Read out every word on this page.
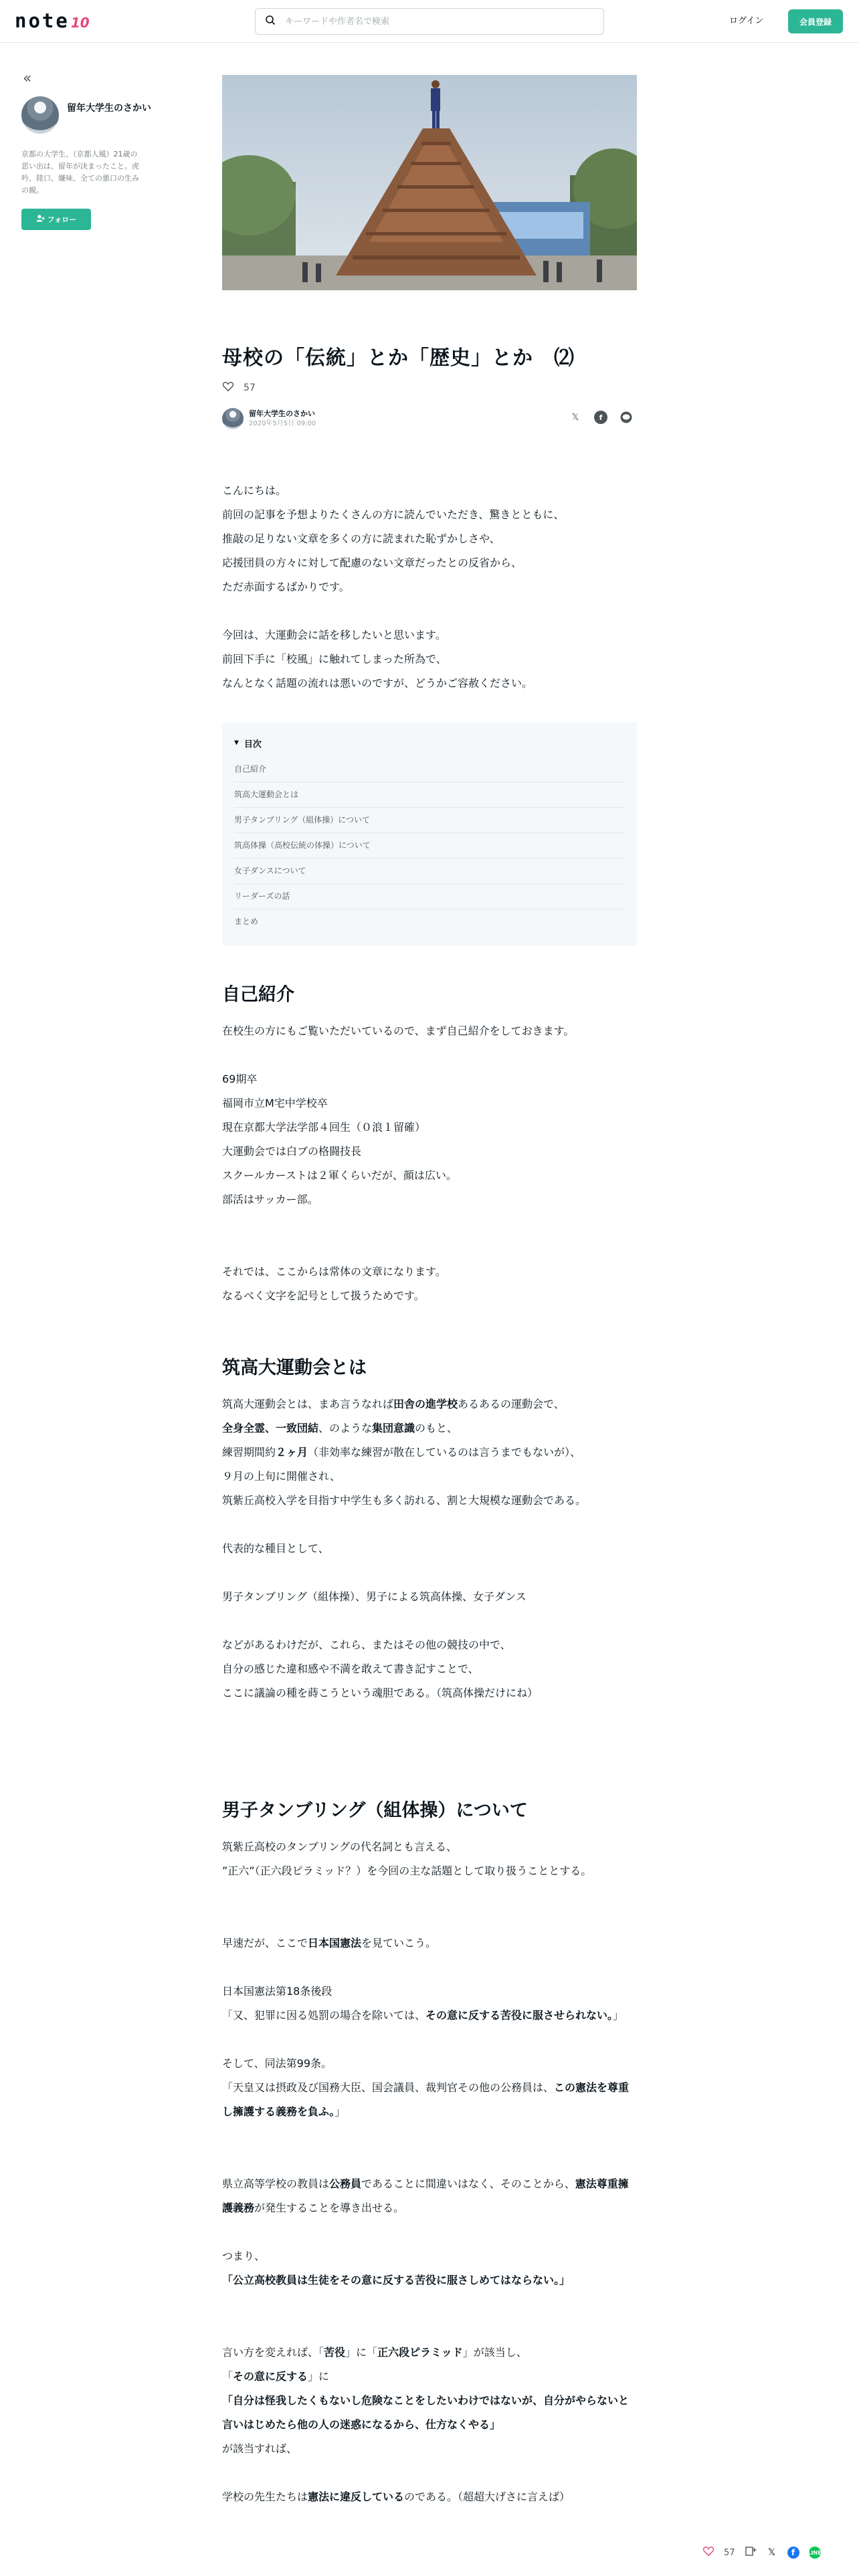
note 10
キーワードや作者名で検索	ログイン	会員登録
«
留年大学生のさかい
京都の大学生。（京都人風）21歳の思い出は、留年が決まったこと。虎吟、陸口、嫌味、全ての悪口の生みの親。
フォロー
母校の「伝統」とか「歴史」とか　⑵
57
留年大学生のさかい
2020年5月5日 09:00
𝕏	f

こんにちは。

前回の記事を予想よりたくさんの方に読んでいただき、驚きとともに、

推敲の足りない文章を多くの方に読まれた恥ずかしさや、

応援団員の方々に対して配慮のない文章だったとの反省から、

ただ赤面するばかりです。

今回は、大運動会に話を移したいと思います。

前回下手に「校風」に触れてしまった所為で、

なんとなく話題の流れは悪いのですが、どうかご容赦ください。

▼ 目次
自己紹介
筑高大運動会とは
男子タンブリング（組体操）について
筑高体操（高校伝統の体操）について
女子ダンスについて
リーダーズの話
まとめ
自己紹介

在校生の方にもご覧いただいているので、まず自己紹介をしておきます。

69期卒

福岡市立M宅中学校卒

現在京都大学法学部４回生（０浪１留確）

大運動会では白ブの格闘技長

スクールカーストは２軍くらいだが、顔は広い。

部活はサッカー部。

それでは、ここからは常体の文章になります。

なるべく文字を記号として扱うためです。

筑高大運動会とは

筑高大運動会とは、まあ言うなれば田舎の進学校あるあるの運動会で、

全身全霊、一致団結、のような集団意識のもと、

練習期間約２ヶ月（非効率な練習が散在しているのは言うまでもないが）、

９月の上旬に開催され、

筑紫丘高校入学を目指す中学生も多く訪れる、割と大規模な運動会である。

代表的な種目として、

男子タンブリング（組体操）、男子による筑高体操、女子ダンス

などがあるわけだが、これら、またはその他の競技の中で、

自分の感じた違和感や不満を敢えて書き記すことで、

ここに議論の種を蒔こうという魂胆である。（筑高体操だけにね）

男子タンブリング（組体操）について

筑紫丘高校のタンブリングの代名詞とも言える、

”正六”（正六段ピラミッド？）を今回の主な話題として取り扱うこととする。

早速だが、ここで日本国憲法を見ていこう。

日本国憲法第18条後段

「又、犯罪に因る処罰の場合を除いては、その意に反する苦役に服させられない。」

そして、同法第99条。

「天皇又は摂政及び国務大臣、国会議員、裁判官その他の公務員は、この憲法を尊重し擁護する義務を負ふ。」

県立高等学校の教員は公務員であることに間違いはなく、そのことから、憲法尊重擁護義務が発生することを導き出せる。

つまり、

「公立高校教員は生徒をその意に反する苦役に服さしめてはならない。」

言い方を変えれば、「苦役」に「正六段ピラミッド」が該当し、

「その意に反する」に

「自分は怪我したくもないし危険なことをしたいわけではないが、自分がやらないと言いはじめたら他の人の迷惑になるから、仕方なくやる」

が該当すれば、

学校の先生たちは憲法に違反しているのである。（超超大げさに言えば）

57	𝕏	f	LINE
